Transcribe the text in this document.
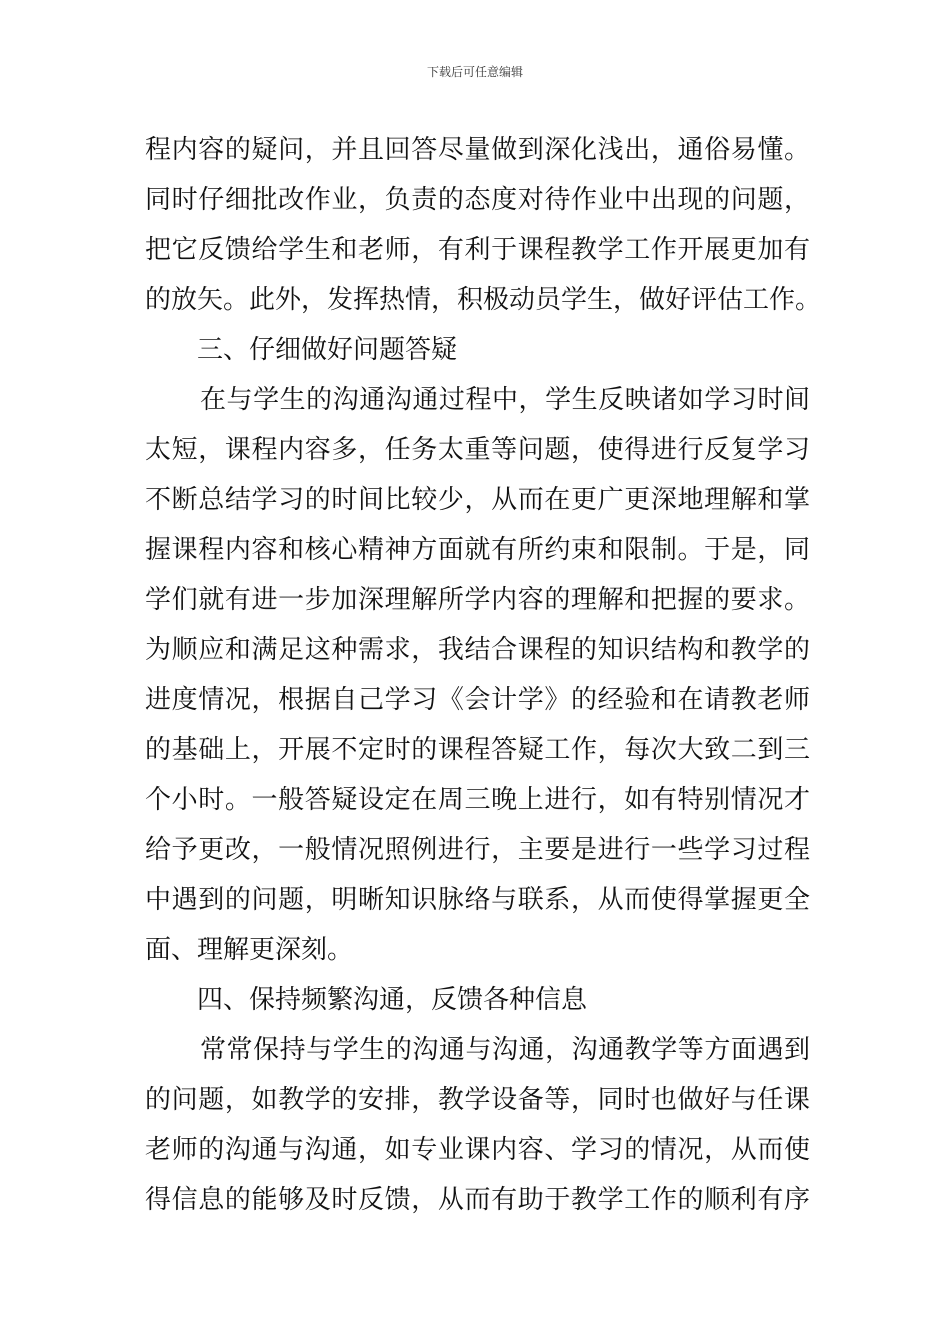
下载后可任意编辑
程内容的疑问，并且回答尽量做到深化浅出，通俗易懂。
同时仔细批改作业，负责的态度对待作业中出现的问题，
把它反馈给学生和老师，有利于课程教学工作开展更加有
的放矢。此外，发挥热情，积极动员学生，做好评估工作。
三、仔细做好问题答疑
在与学生的沟通沟通过程中，学生反映诸如学习时间
太短，课程内容多，任务太重等问题，使得进行反复学习
不断总结学习的时间比较少，从而在更广更深地理解和掌
握课程内容和核心精神方面就有所约束和限制。于是，同
学们就有进一步加深理解所学内容的理解和把握的要求。
为顺应和满足这种需求，我结合课程的知识结构和教学的
进度情况，根据自己学习《会计学》的经验和在请教老师
的基础上，开展不定时的课程答疑工作，每次大致二到三
个小时。一般答疑设定在周三晚上进行，如有特别情况才
给予更改，一般情况照例进行，主要是进行一些学习过程
中遇到的问题，明晰知识脉络与联系，从而使得掌握更全
面、理解更深刻。
四、保持频繁沟通，反馈各种信息
常常保持与学生的沟通与沟通，沟通教学等方面遇到
的问题，如教学的安排，教学设备等，同时也做好与任课
老师的沟通与沟通，如专业课内容、学习的情况，从而使
得信息的能够及时反馈，从而有助于教学工作的顺利有序
